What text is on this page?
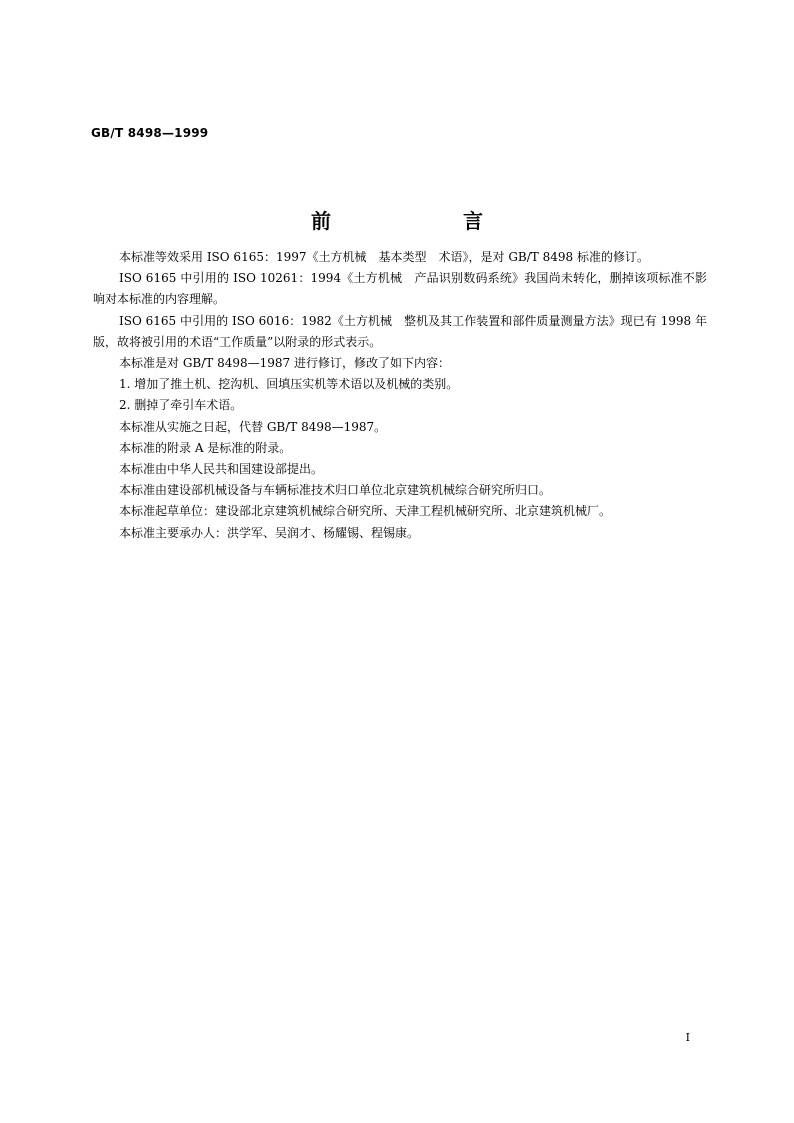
GB/T 8498—1999

前　言

本标准等效采用 ISO 6165：1997《土方机械　基本类型　术语》，是对 GB/T 8498 标准的修订。

ISO 6165 中引用的 ISO 10261：1994《土方机械　产品识别数码系统》我国尚未转化，删掉该项标准不影响对本标准的内容理解。

ISO 6165 中引用的 ISO 6016：1982《土方机械　整机及其工作装置和部件质量测量方法》现已有 1998 年版，故将被引用的术语“工作质量”以附录的形式表示。

本标准是对 GB/T 8498—1987 进行修订，修改了如下内容：

1. 增加了推土机、挖沟机、回填压实机等术语以及机械的类别。

2. 删掉了牵引车术语。

本标准从实施之日起，代替 GB/T 8498—1987。

本标准的附录 A 是标准的附录。

本标准由中华人民共和国建设部提出。

本标准由建设部机械设备与车辆标准技术归口单位北京建筑机械综合研究所归口。

本标准起草单位：建设部北京建筑机械综合研究所、天津工程机械研究所、北京建筑机械厂。

本标准主要承办人：洪学军、吴润才、杨耀锡、程锡康。

I
